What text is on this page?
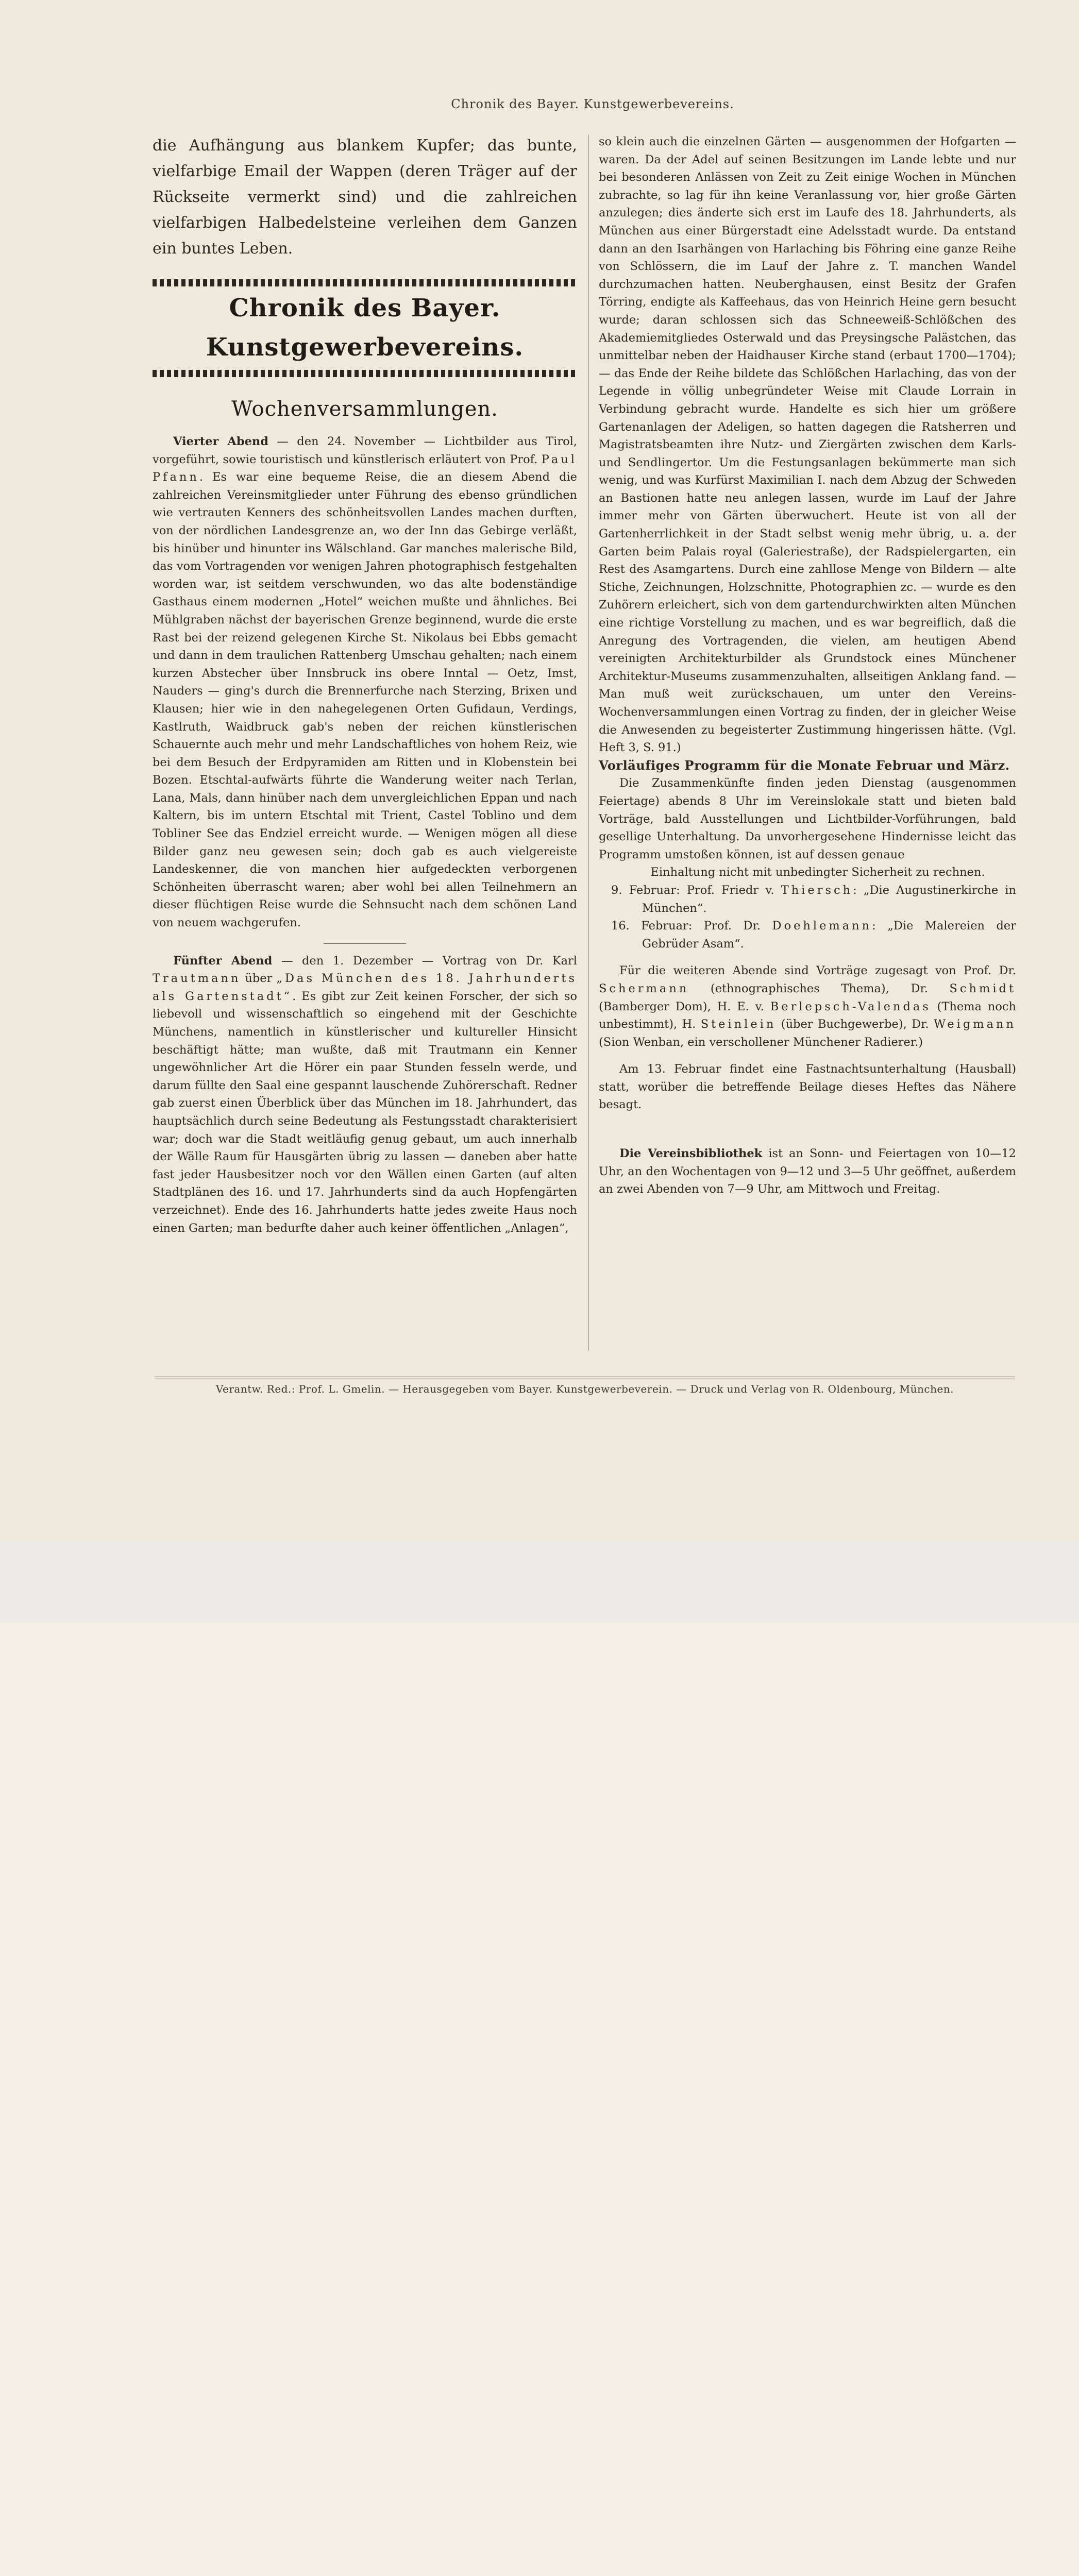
Chronik des Bayer. Kunstgewerbevereins.

die Aufhängung aus blankem Kupfer; das bunte, vielfarbige Email der Wappen (deren Träger auf der Rückseite vermerkt sind) und die zahlreichen vielfarbigen Halbedelsteine verleihen dem Ganzen ein buntes Leben.

Chronik des Bayer. Kunstgewerbevereins.
Wochenversammlungen.

Vierter Abend — den 24. November — Lichtbilder aus Tirol, vorgeführt, sowie touristisch und künstlerisch erläutert von Prof. Paul Pfann. Es war eine bequeme Reise, die an diesem Abend die zahlreichen Vereinsmitglieder unter Führung des ebenso gründlichen wie vertrauten Kenners des schönheitsvollen Landes machen durften, von der nördlichen Landesgrenze an, wo der Inn das Gebirge verläßt, bis hinüber und hinunter ins Wälschland. Gar manches malerische Bild, das vom Vortragenden vor wenigen Jahren photographisch festgehalten worden war, ist seitdem verschwunden, wo das alte bodenständige Gasthaus einem modernen „Hotel“ weichen mußte und ähnliches. Bei Mühlgraben nächst der bayerischen Grenze beginnend, wurde die erste Rast bei der reizend gelegenen Kirche St. Nikolaus bei Ebbs gemacht und dann in dem traulichen Rattenberg Umschau gehalten; nach einem kurzen Abstecher über Innsbruck ins obere Inntal — Oetz, Imst, Nauders — ging's durch die Brennerfurche nach Sterzing, Brixen und Klausen; hier wie in den nahegelegenen Orten Gufidaun, Verdings, Kastlruth, Waidbruck gab's neben der reichen künstlerischen Schauernte auch mehr und mehr Landschaftliches von hohem Reiz, wie bei dem Besuch der Erdpyramiden am Ritten und in Klobenstein bei Bozen. Etschtal-aufwärts führte die Wanderung weiter nach Terlan, Lana, Mals, dann hinüber nach dem unvergleichlichen Eppan und nach Kaltern, bis im untern Etschtal mit Trient, Castel Toblino und dem Tobliner See das Endziel erreicht wurde. — Wenigen mögen all diese Bilder ganz neu gewesen sein; doch gab es auch vielgereiste Landeskenner, die von manchen hier aufgedeckten verborgenen Schönheiten überrascht waren; aber wohl bei allen Teilnehmern an dieser flüchtigen Reise wurde die Sehnsucht nach dem schönen Land von neuem wachgerufen.

Fünfter Abend — den 1. Dezember — Vortrag von Dr. Karl Trautmann über „Das München des 18. Jahrhunderts als Gartenstadt“. Es gibt zur Zeit keinen Forscher, der sich so liebevoll und wissenschaftlich so eingehend mit der Geschichte Münchens, namentlich in künstlerischer und kultureller Hinsicht beschäftigt hätte; man wußte, daß mit Trautmann ein Kenner ungewöhnlicher Art die Hörer ein paar Stunden fesseln werde, und darum füllte den Saal eine gespannt lauschende Zuhörerschaft. Redner gab zuerst einen Überblick über das München im 18. Jahrhundert, das hauptsächlich durch seine Bedeutung als Festungsstadt charakterisiert war; doch war die Stadt weitläufig genug gebaut, um auch innerhalb der Wälle Raum für Hausgärten übrig zu lassen — daneben aber hatte fast jeder Hausbesitzer noch vor den Wällen einen Garten (auf alten Stadtplänen des 16. und 17. Jahrhunderts sind da auch Hopfengärten verzeichnet). Ende des 16. Jahrhunderts hatte jedes zweite Haus noch einen Garten; man bedurfte daher auch keiner öffentlichen „Anlagen“,

so klein auch die einzelnen Gärten — ausgenommen der Hofgarten — waren. Da der Adel auf seinen Besitzungen im Lande lebte und nur bei besonderen Anlässen von Zeit zu Zeit einige Wochen in München zubrachte, so lag für ihn keine Veranlassung vor, hier große Gärten anzulegen; dies änderte sich erst im Laufe des 18. Jahrhunderts, als München aus einer Bürgerstadt eine Adelsstadt wurde. Da entstand dann an den Isarhängen von Harlaching bis Föhring eine ganze Reihe von Schlössern, die im Lauf der Jahre z. T. manchen Wandel durchzumachen hatten. Neuberghausen, einst Besitz der Grafen Törring, endigte als Kaffeehaus, das von Heinrich Heine gern besucht wurde; daran schlossen sich das Schneeweiß-Schlößchen des Akademiemitgliedes Osterwald und das Preysingsche Palästchen, das unmittelbar neben der Haidhauser Kirche stand (erbaut 1700—1704); — das Ende der Reihe bildete das Schlößchen Harlaching, das von der Legende in völlig unbegründeter Weise mit Claude Lorrain in Verbindung gebracht wurde. Handelte es sich hier um größere Gartenanlagen der Adeligen, so hatten dagegen die Ratsherren und Magistratsbeamten ihre Nutz- und Ziergärten zwischen dem Karls- und Sendlingertor. Um die Festungsanlagen bekümmerte man sich wenig, und was Kurfürst Maximilian I. nach dem Abzug der Schweden an Bastionen hatte neu anlegen lassen, wurde im Lauf der Jahre immer mehr von Gärten überwuchert. Heute ist von all der Gartenherrlichkeit in der Stadt selbst wenig mehr übrig, u. a. der Garten beim Palais royal (Galeriestraße), der Radspielergarten, ein Rest des Asamgartens. Durch eine zahllose Menge von Bildern — alte Stiche, Zeichnungen, Holzschnitte, Photographien zc. — wurde es den Zuhörern erleichert, sich von dem gartendurchwirkten alten München eine richtige Vorstellung zu machen, und es war begreiflich, daß die Anregung des Vortragenden, die vielen, am heutigen Abend vereinigten Architekturbilder als Grundstock eines Münchener Architektur-Museums zusammenzuhalten, allseitigen Anklang fand. — Man muß weit zurückschauen, um unter den Vereins-Wochenversammlungen einen Vortrag zu finden, der in gleicher Weise die Anwesenden zu begeisterter Zustimmung hingerissen hätte. (Vgl. Heft 3, S. 91.)

Vorläufiges Programm für die Monate Februar und März.

Die Zusammenkünfte finden jeden Dienstag (ausgenommen Feiertage) abends 8 Uhr im Vereinslokale statt und bieten bald Vorträge, bald Ausstellungen und Lichtbilder-Vorführungen, bald gesellige Unterhaltung. Da unvorhergesehene Hindernisse leicht das Programm umstoßen können, ist auf dessen genaue
Einhaltung nicht mit unbedingter Sicherheit zu rechnen.

9. Februar: Prof. Friedr v. Thiersch: „Die Augustinerkirche in München“.

16. Februar: Prof. Dr. Doehlemann: „Die Malereien der Gebrüder Asam“.

Für die weiteren Abende sind Vorträge zugesagt von Prof. Dr. Schermann (ethnographisches Thema), Dr. Schmidt (Bamberger Dom), H. E. v. Berlepsch-Valendas (Thema noch unbestimmt), H. Steinlein (über Buchgewerbe), Dr. Weigmann (Sion Wenban, ein verschollener Münchener Radierer.)

Am 13. Februar findet eine Fastnachtsunterhaltung (Hausball) statt, worüber die betreffende Beilage dieses Heftes das Nähere besagt.

Die Vereinsbibliothek ist an Sonn- und Feiertagen von 10—12 Uhr, an den Wochentagen von 9—12 und 3—5 Uhr geöffnet, außerdem an zwei Abenden von 7—9 Uhr, am Mittwoch und Freitag.

Verantw. Red.: Prof. L. Gmelin. — Herausgegeben vom Bayer. Kunstgewerbeverein. — Druck und Verlag von R. Oldenbourg, München.
